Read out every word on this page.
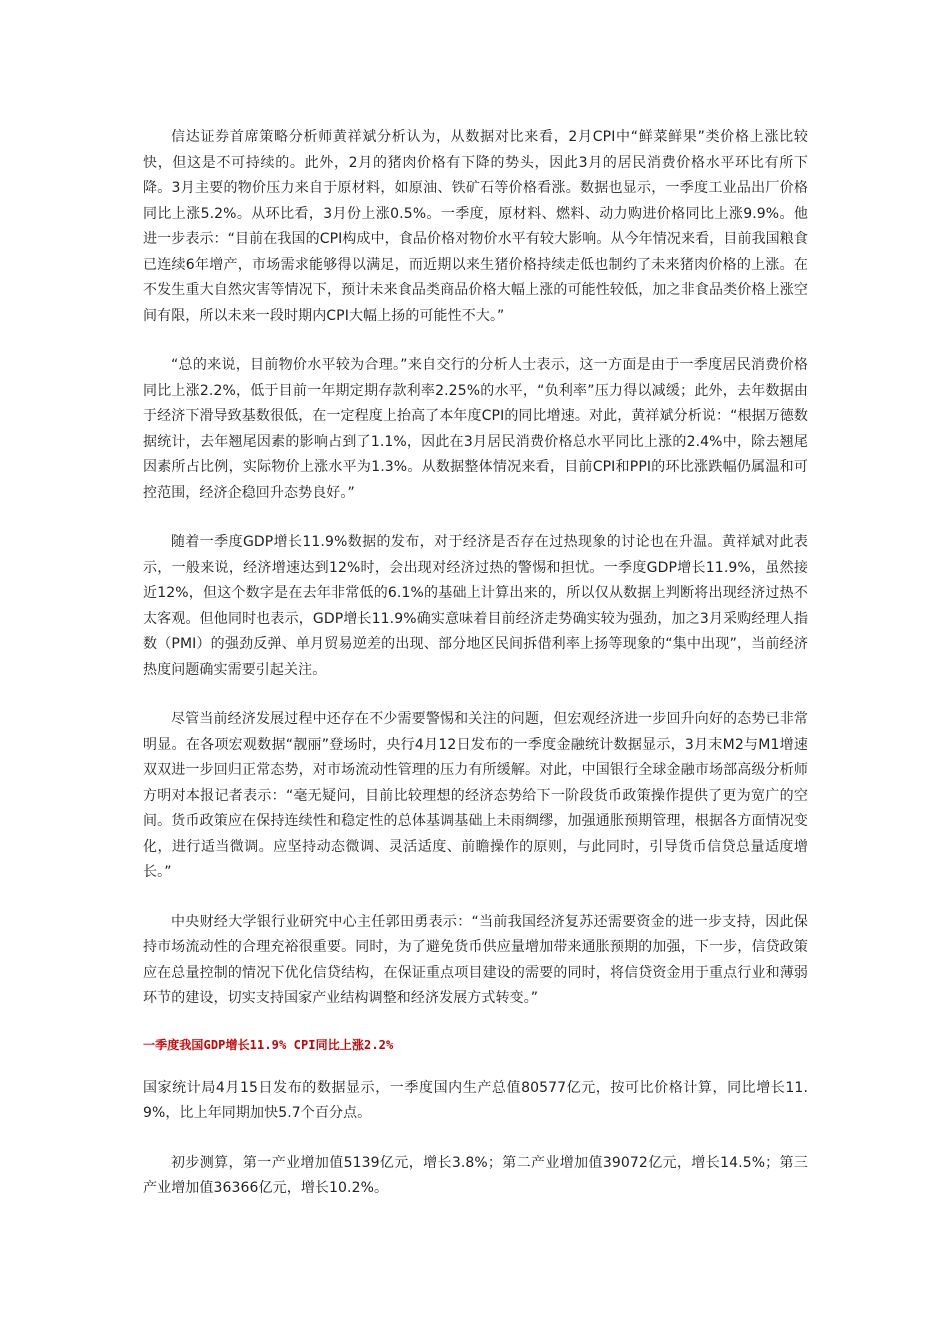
信达证券首席策略分析师黄祥斌分析认为，从数据对比来看，2月CPI中“鲜菜鲜果”类价格上涨比较快，但这是不可持续的。此外，2月的猪肉价格有下降的势头，因此3月的居民消费价格水平环比有所下降。3月主要的物价压力来自于原材料，如原油、铁矿石等价格看涨。数据也显示，一季度工业品出厂价格同比上涨5.2%。从环比看，3月份上涨0.5%。一季度，原材料、燃料、动力购进价格同比上涨9.9%。他进一步表示：“目前在我国的CPI构成中，食品价格对物价水平有较大影响。从今年情况来看，目前我国粮食已连续6年增产，市场需求能够得以满足，而近期以来生猪价格持续走低也制约了未来猪肉价格的上涨。在不发生重大自然灾害等情况下，预计未来食品类商品价格大幅上涨的可能性较低，加之非食品类价格上涨空间有限，所以未来一段时期内CPI大幅上扬的可能性不大。”

“总的来说，目前物价水平较为合理。”来自交行的分析人士表示，这一方面是由于一季度居民消费价格同比上涨2.2%，低于目前一年期定期存款利率2.25%的水平，“负利率”压力得以减缓；此外，去年数据由于经济下滑导致基数很低，在一定程度上抬高了本年度CPI的同比增速。对此，黄祥斌分析说：“根据万德数据统计，去年翘尾因素的影响占到了1.1%，因此在3月居民消费价格总水平同比上涨的2.4%中，除去翘尾因素所占比例，实际物价上涨水平为1.3%。从数据整体情况来看，目前CPI和PPI的环比涨跌幅仍属温和可控范围，经济企稳回升态势良好。”

随着一季度GDP增长11.9%数据的发布，对于经济是否存在过热现象的讨论也在升温。黄祥斌对此表示，一般来说，经济增速达到12%时，会出现对经济过热的警惕和担忧。一季度GDP增长11.9%，虽然接近12%，但这个数字是在去年非常低的6.1%的基础上计算出来的，所以仅从数据上判断将出现经济过热不太客观。但他同时也表示，GDP增长11.9%确实意味着目前经济走势确实较为强劲，加之3月采购经理人指数（PMI）的强劲反弹、单月贸易逆差的出现、部分地区民间拆借利率上扬等现象的“集中出现”，当前经济热度问题确实需要引起关注。

尽管当前经济发展过程中还存在不少需要警惕和关注的问题，但宏观经济进一步回升向好的态势已非常明显。在各项宏观数据“靓丽”登场时，央行4月12日发布的一季度金融统计数据显示，3月末M2与M1增速双双进一步回归正常态势，对市场流动性管理的压力有所缓解。对此，中国银行全球金融市场部高级分析师方明对本报记者表示：“毫无疑问，目前比较理想的经济态势给下一阶段货币政策操作提供了更为宽广的空间。货币政策应在保持连续性和稳定性的总体基调基础上未雨绸缪，加强通胀预期管理，根据各方面情况变化，进行适当微调。应坚持动态微调、灵活适度、前瞻操作的原则，与此同时，引导货币信贷总量适度增长。”

中央财经大学银行业研究中心主任郭田勇表示：“当前我国经济复苏还需要资金的进一步支持，因此保持市场流动性的合理充裕很重要。同时，为了避免货币供应量增加带来通胀预期的加强，下一步，信贷政策应在总量控制的情况下优化信贷结构，在保证重点项目建设的需要的同时，将信贷资金用于重点行业和薄弱环节的建设，切实支持国家产业结构调整和经济发展方式转变。”

一季度我国GDP增长11.9% CPI同比上涨2.2%

国家统计局4月15日发布的数据显示，一季度国内生产总值80577亿元，按可比价格计算，同比增长11.9%，比上年同期加快5.7个百分点。

初步测算，第一产业增加值5139亿元，增长3.8%；第二产业增加值39072亿元，增长14.5%；第三产业增加值36366亿元，增长10.2%。
